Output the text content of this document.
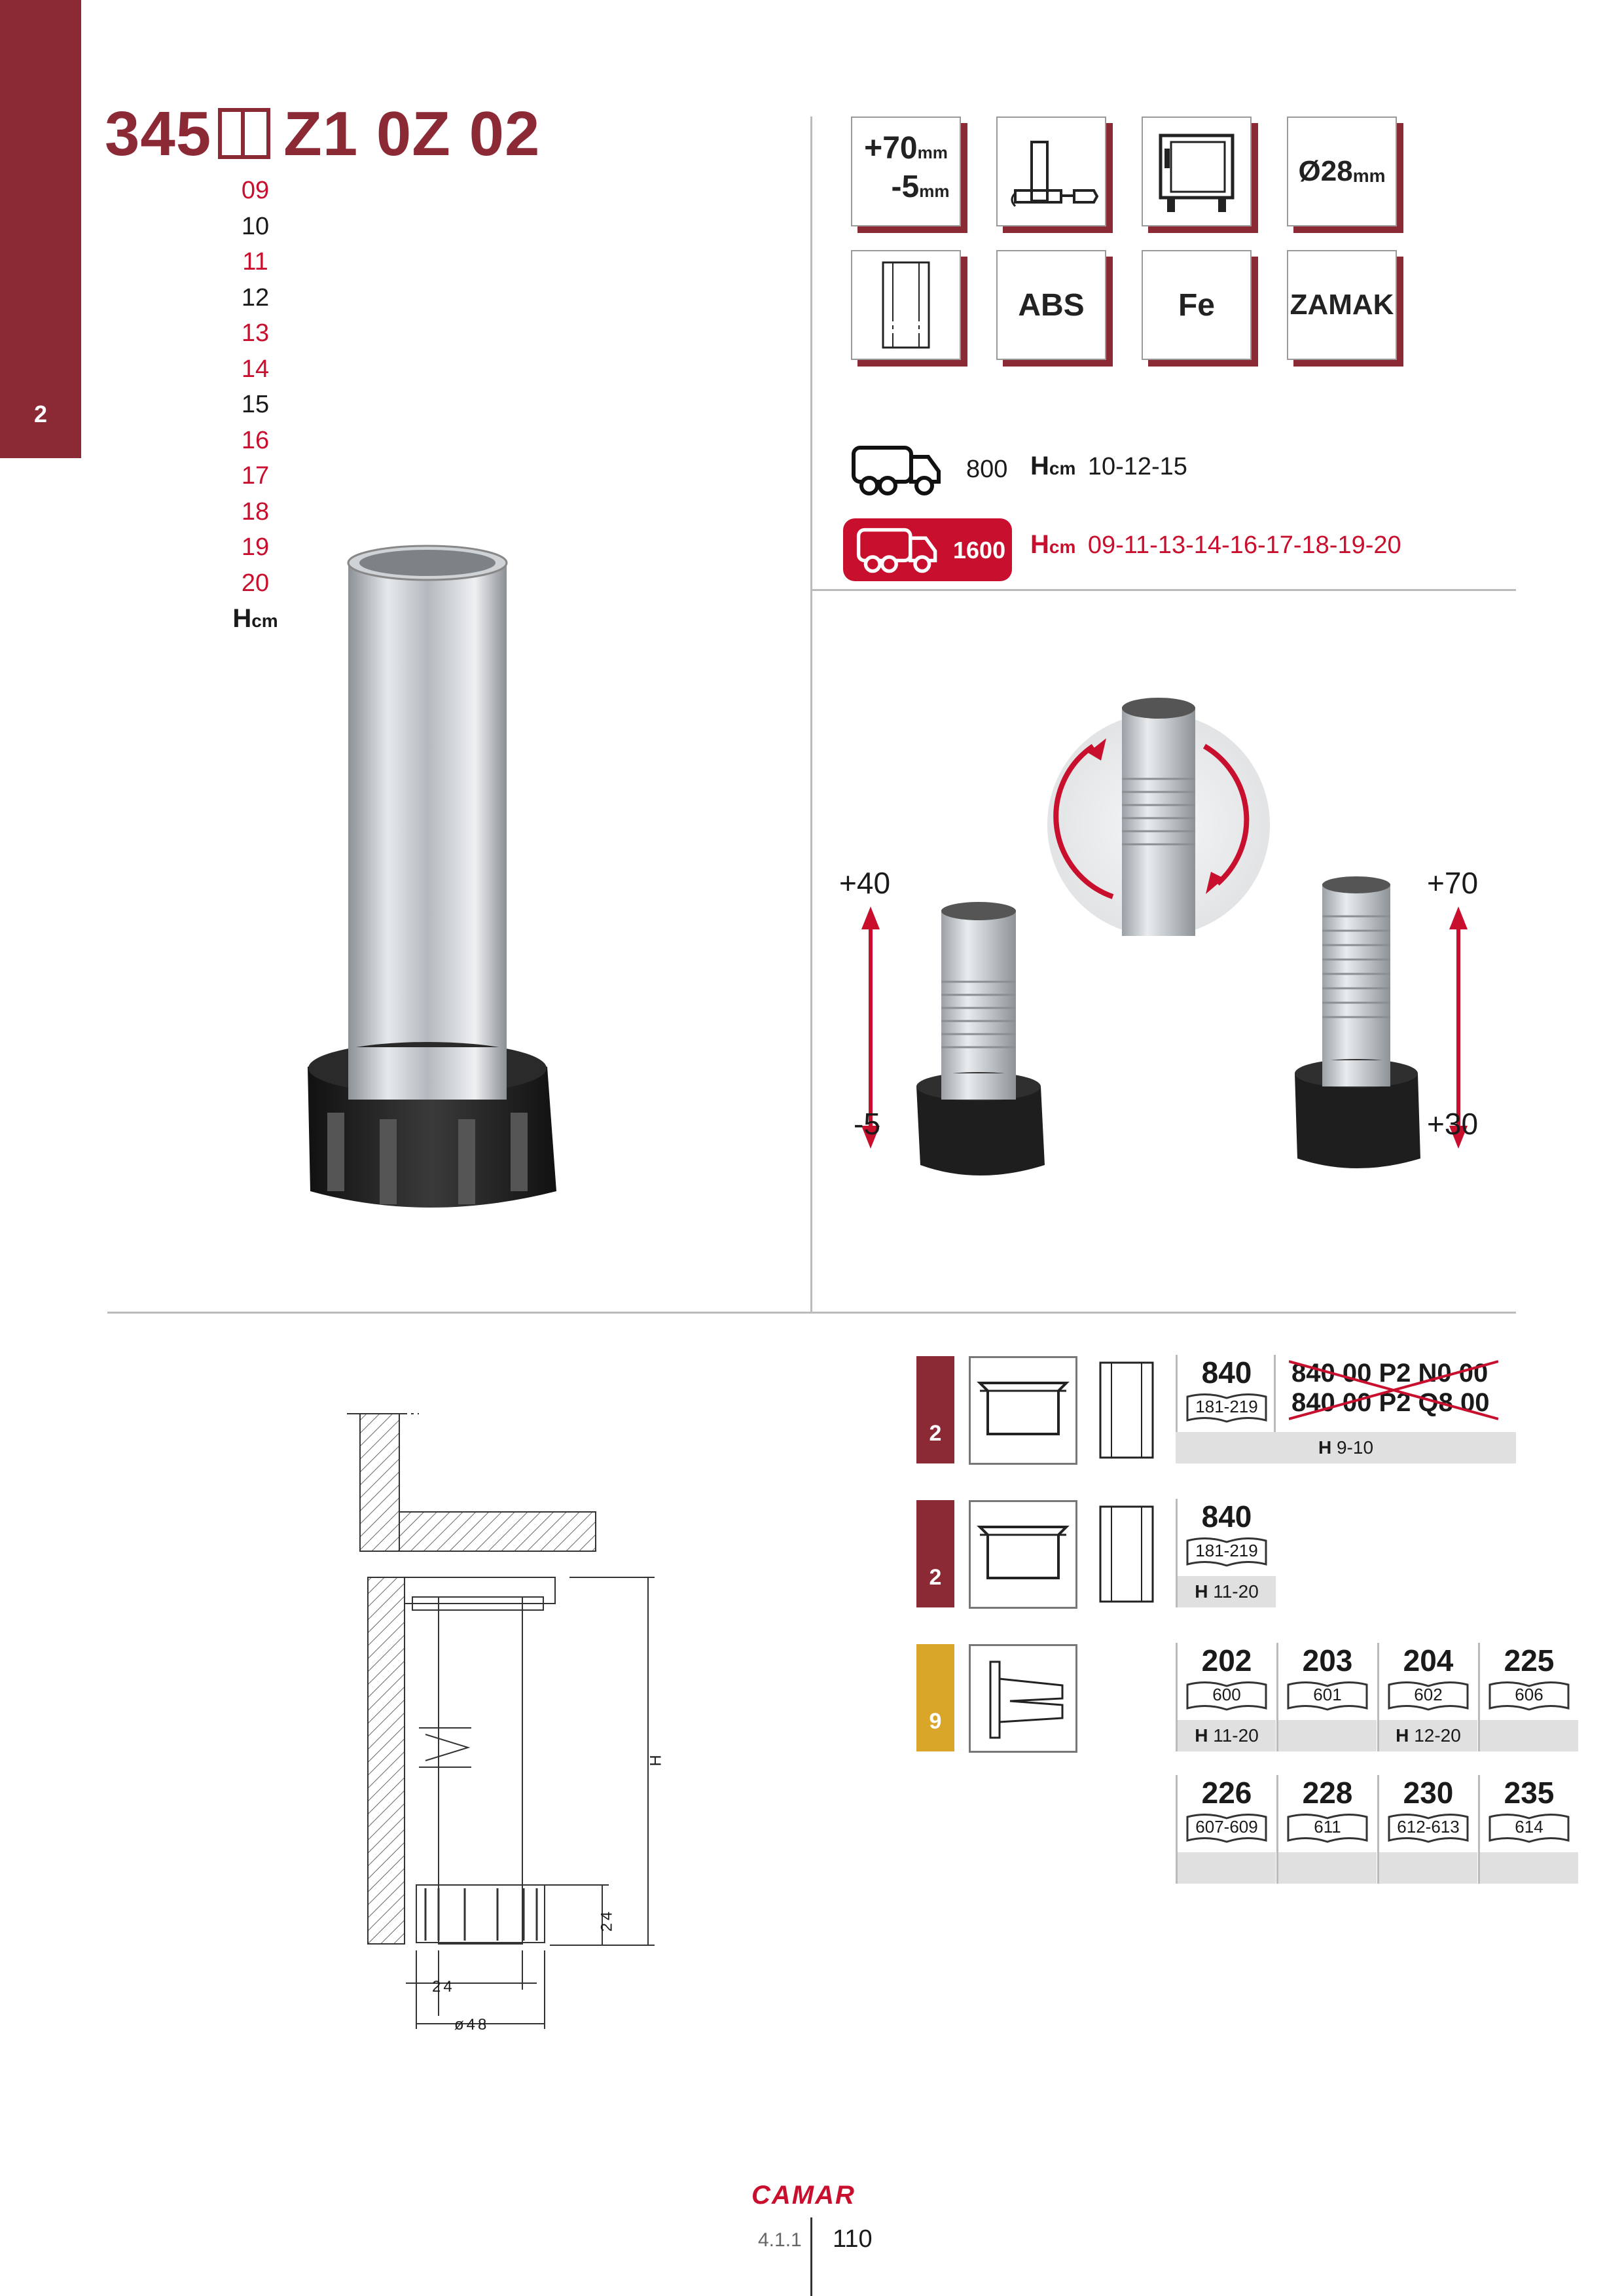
2
345 Z1 0Z 02
09
10
11
12
13
14
15
16
17
18
19
20
Hcm
+70mm
-5mm
Ø28 mm
ABS	Fe	ZAMAK
800 Hcm 10-12-15
1600 Hcm 09-11-13-14-16-17-18-19-20
+40
-5
+70
+30
H
24
24
ø48
2
840
181-219
840 00 P2 N0 00
840 00 P2 Q8 00
H 9-10
2
840
181-219
H 11-20
9
202
600
H 11-20
203
601
204
602
H 12-20
225
606
226
607-609
228
611
230
612-613
235
614
CAMAR
4.1.1 110
